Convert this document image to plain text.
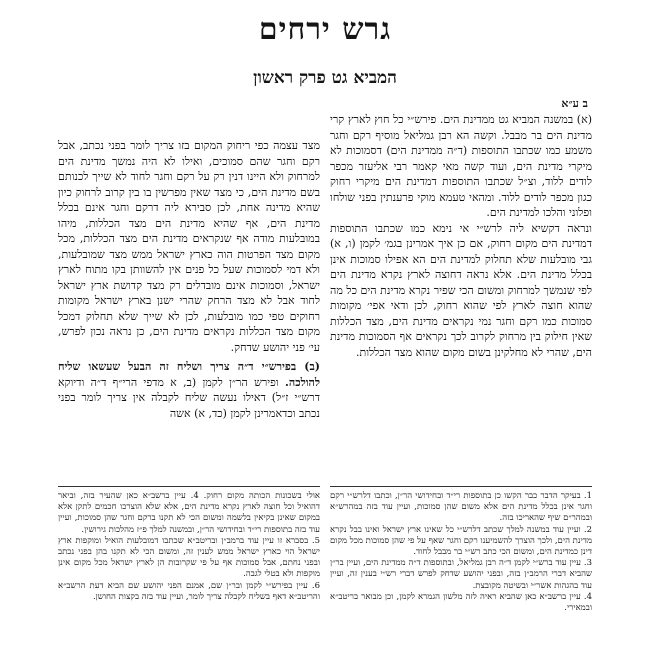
גרש ירחים
המביא גט פרק ראשון
ב ע״א

(א) במשנה המביא גט ממדינת הים. פירש״י כל חוץ לארץ קרי מדינת הים בר מבבל. וקשה הא רבן גמליאל מוסיף רקם וחגר משמע כמו שכתבו התוספות (ד״ה ממדינת הים) דסמוכות לא מיקרי מדינת הים, ועוד קשה מאי קאמר רבי אליעזר מכפר לודים ללוד, וצ״ל שכתבו התוספות דמדינת הים מיקרי רחוק כגון מכפר לודים ללוד. ומהאי טעמא מוקי פרענתין בפני שולחו ופלוני והלכו למדינת הים.

ונראה דקשיא ליה לרש״י אי נימא כמו שכתבו התוספות דמדינת הים מקום רחוק, אם כן איך אמרינן בגמ׳ לקמן (ו, א) גבי מובלעות שלא תחלוק למדינת הים הא אפילו סמוכות אינן בכלל מדינת הים. אלא נראה דחוצה לארץ נקרא מדינת הים לפי שנמשך למרחוק ומשום הכי שפיר נקרא מדינת הים כל מה שהוא חוצה לארץ לפי שהוא רחוק, לכן ודאי אפי׳ מקומות סמוכות כמו רקם וחגר נמי נקראים מדינת הים, מצד הכללות שאין חילוק בין מרחוק לקרוב לכך נקראים אף הסמוכות מדינת הים, שהרי לא מחלקינן בשום מקום שהוא מצד הכללות.

מצד עצמה כפי ריחוק המקום בזו צריך לומר בפני נכתב, אבל רקם וחגר שהם סמוכים, ואילו לא היה נמשך מדינת הים למרחוק ולא היינו דנין רק על רקם וחגר לחוד לא שייך לכנותם בשם מדינת הים, כי מצד שאין מפרשין בו בין קרוב לרחוק כיון שהיא מדינה אחת, לכן סבירא ליה דרקם וחגר אינם בכלל מדינת הים, אף שהיא מדינת הים מצד הכללות, מיהו במובלעות מודה אף שנקראים מדינת הים מצד הכללות, מכל מקום מצד הפרטות הוה כארץ ישראל ממש מצד שמובלעות, ולא דמי לסמוכות שעל כל פנים אין להשוותן בקו מתוח לארץ ישראל, וסמוכות אינם מובדלים רק מצד קדושת ארץ ישראל לחוד אבל לא מצד הרחק שהרי ישנן בארץ ישראל מקומות רחוקים טפי כמו מובלעות, לכן לא שייך שלא תחלוק דמכל מקום מצד הכללות נקראים מדינת הים, כן נראה נכון לפרש, עי׳ פני יהושע שדחק.

(ב) בפירש״י ד״ה צריך ושליח זה הבעל שעשאו שליח להולכה. ופירש הר״ן לקמן (ב, א מדפי הרי״ף ד״ה ודיוקא דרש״י ז״ל) דאילו נעשה שליח לקבלה אין צריך לומר בפני נכתב וכדאמרינן לקמן (כד, א) אשה

1. בעיקר הדבר כבר הקשו כן בתוספות רי״ד ובחידושי הר״ן, וכתבו דלרש״י רקם וחגר אינן בכלל מדינת הים אלא משום שהן סמוכות, ועיין עוד בזה במהרש״א ובמהר״ם שיף שהאריכו בזה.

2. ועיין עוד במשנה למלך שכתב דלרש״י כל שאינו ארץ ישראל ואינו בבל נקרא מדינת הים, ולכך הוצרך להשמיענו רקם וחגר שאף על פי שהן סמוכות מכל מקום דינן כמדינת הים, ומשום הכי כתב רש״י בר מבבל לחוד.

3. עיין עוד ברש״י לקמן ד״ה רבן גמליאל, ובתוספות ד״ה ממדינת הים, ועיין בר״ן שהביא דברי הרמב״ן בזה, ובפני יהושע שדחק לפרש דברי רש״י בענין זה, ועיין עוד בהגהות אשר״י ובשיטה מקובצת.

4. עיין ברשב״א כאן שהביא ראיה לזה מלשון הגמרא לקמן, וכן מבואר בריטב״א ובמאירי.

אולי בשכונות הכותה מקום רחוק. 4. עיין ברשב״א כאן שהעיר בזה, וביאר דהואיל וכל חוצה לארץ נקרא מדינת הים, אלא שלא הוצרכו חכמים לתקן אלא במקום שאינן בקיאין בלשמה ומשום הכי לא תקנו ברקם וחגר שהן סמוכות, ועיין עוד בזה בתוספות רי״ד ובחידושי הר״ן, ובמשנה למלך פ״ז מהלכות גירושין.

5. בסברא זו עיין עוד ברמב״ן ובריטב״א שכתבו דמובלעות הואיל ומוקפות ארץ ישראל הוי כארץ ישראל ממש לענין זה, ומשום הכי לא תקנו בהן בפני נכתב ובפני נחתם, אבל סמוכות אף על פי שקרובות הן לארץ ישראל מכל מקום אינן מוקפות ולא בטלי לגבה.

6. עיין בפירש״י לקמן ובר״ן שם, אמנם הפני יהושע שם הביא דעת הרשב״א והריטב״א דאף בשליח לקבלה צריך לומר, ועיין עוד בזה בקצות החושן.
